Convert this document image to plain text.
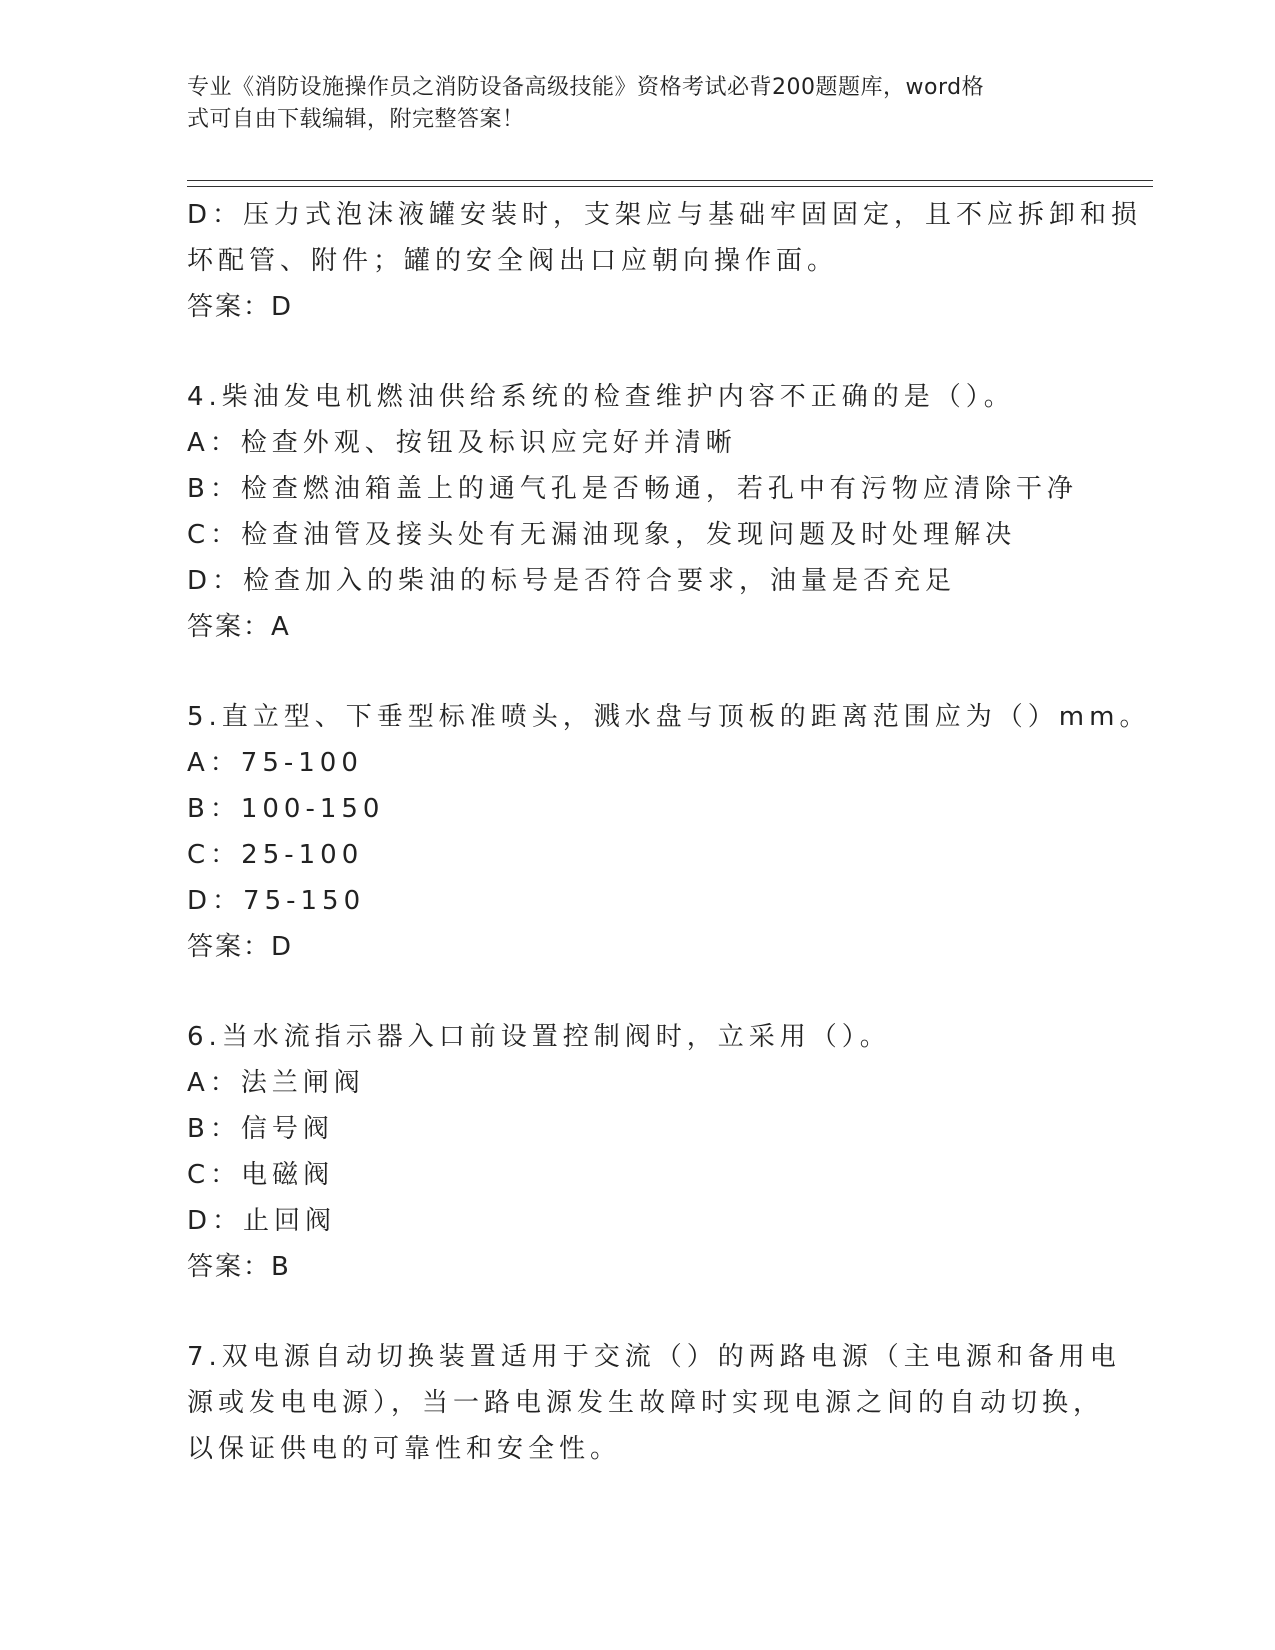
专业《消防设施操作员之消防设备高级技能》资格考试必背200题题库，word格

式可自由下载编辑，附完整答案！

D：压力式泡沫液罐安装时，支架应与基础牢固固定，且不应拆卸和损

坏配管、附件；罐的安全阀出口应朝向操作面。

答案：D

4.柴油发电机燃油供给系统的检查维护内容不正确的是（）。

A：检查外观、按钮及标识应完好并清晰

B：检查燃油箱盖上的通气孔是否畅通，若孔中有污物应清除干净

C：检查油管及接头处有无漏油现象，发现问题及时处理解决

D：检查加入的柴油的标号是否符合要求，油量是否充足

答案：A

5.直立型、下垂型标准喷头，溅水盘与顶板的距离范围应为（）mm。

A：75-100

B：100-150

C：25-100

D：75-150

答案：D

6.当水流指示器入口前设置控制阀时，立采用（）。

A：法兰闸阀

B：信号阀

C：电磁阀

D：止回阀

答案：B

7.双电源自动切换装置适用于交流（）的两路电源（主电源和备用电

源或发电电源），当一路电源发生故障时实现电源之间的自动切换，

以保证供电的可靠性和安全性。
